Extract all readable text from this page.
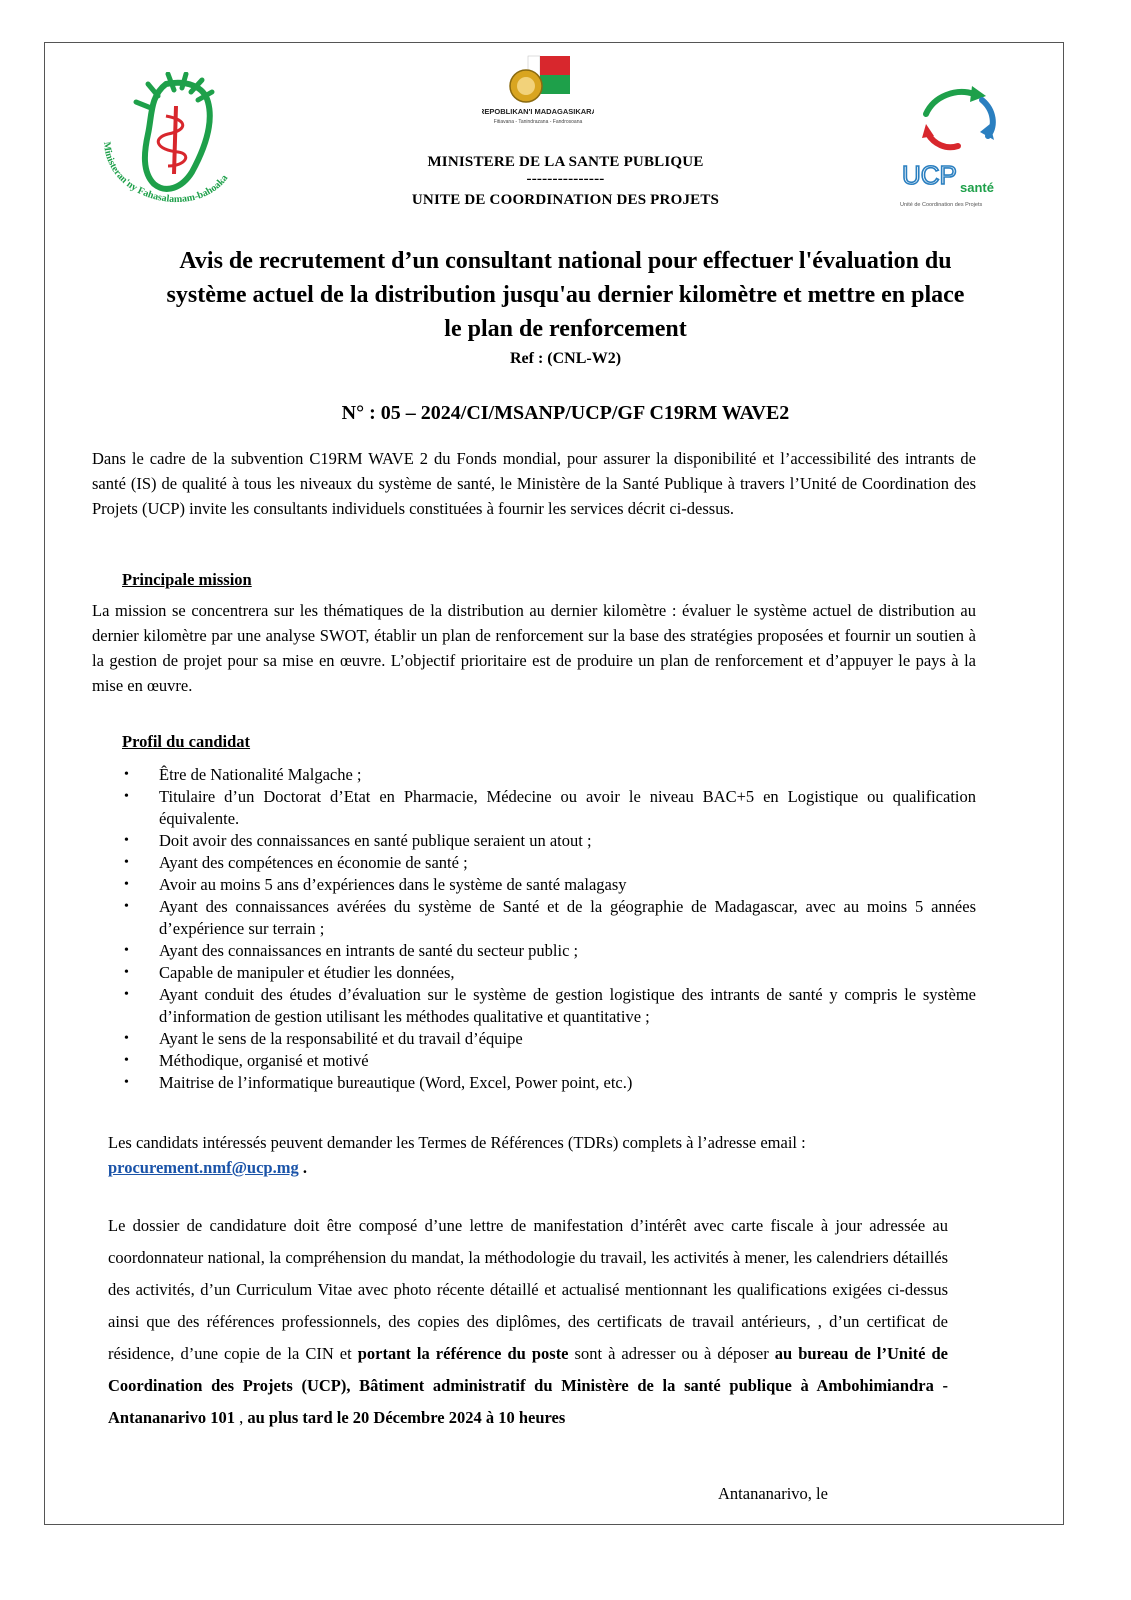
Ministeran'ny Fahasalamam-bahoaka
REPOBLIKAN'I MADAGASIKARA
Fitiavana - Tanindrazana - Fandrosoana
UCP santé
Unité de Coordination des Projets
MINISTERE DE LA SANTE PUBLIQUE
---------------
UNITE DE COORDINATION DES PROJETS
Avis de recrutement d’un consultant national pour effectuer l'évaluation du
système actuel de la distribution jusqu'au dernier kilomètre et mettre en place
le plan de renforcement
Ref : (CNL-W2)
N° : 05 – 2024/CI/MSANP/UCP/GF C19RM WAVE2
Dans le cadre de la subvention C19RM WAVE 2 du Fonds mondial, pour assurer la disponibilité et l’accessibilité des intrants de santé (IS) de qualité à tous les niveaux du système de santé, le Ministère de la Santé Publique à travers l’Unité de Coordination des Projets (UCP) invite les consultants individuels constituées à fournir les services décrit ci-dessus.
Principale mission
La mission se concentrera sur les thématiques de la distribution au dernier kilomètre : évaluer le système actuel de distribution au dernier kilomètre par une analyse SWOT, établir un plan de renforcement sur la base des stratégies proposées et fournir un soutien à la gestion de projet pour sa mise en œuvre. L’objectif prioritaire est de produire un plan de renforcement et d’appuyer le pays à la mise en œuvre.
Profil du candidat
• Être de Nationalité Malgache ;
• Titulaire d’un Doctorat d’Etat en Pharmacie, Médecine ou avoir le niveau BAC+5 en Logistique ou qualification équivalente.
• Doit avoir des connaissances en santé publique seraient un atout ;
• Ayant des compétences en économie de santé ;
• Avoir au moins 5 ans d’expériences dans le système de santé malagasy
• Ayant des connaissances avérées du système de Santé et de la géographie de Madagascar, avec au moins 5 années d’expérience sur terrain ;
• Ayant des connaissances en intrants de santé du secteur public ;
• Capable de manipuler et étudier les données,
• Ayant conduit des études d’évaluation sur le système de gestion logistique des intrants de santé y compris le système d’information de gestion utilisant les méthodes qualitative et quantitative ;
• Ayant le sens de la responsabilité et du travail d’équipe
• Méthodique, organisé et motivé
• Maitrise de l’informatique bureautique (Word, Excel, Power point, etc.)
Les candidats intéressés peuvent demander les Termes de Références (TDRs) complets à l’adresse email :
procurement.nmf@ucp.mg .
Le dossier de candidature doit être composé d’une lettre de manifestation d’intérêt avec carte fiscale à jour adressée au coordonnateur national, la compréhension du mandat, la méthodologie du travail, les activités à mener, les calendriers détaillés des activités, d’un Curriculum Vitae avec photo récente détaillé et actualisé mentionnant les qualifications exigées ci-dessus ainsi que des références professionnels, des copies des diplômes, des certificats de travail antérieurs, , d’un certificat de résidence, d’une copie de la CIN et portant la référence du poste sont à adresser ou à déposer au bureau de l’Unité de Coordination des Projets (UCP), Bâtiment administratif du Ministère de la santé publique à Ambohimiandra -Antananarivo 101 , au plus tard le 20 Décembre 2024 à 10 heures
Antananarivo, le
